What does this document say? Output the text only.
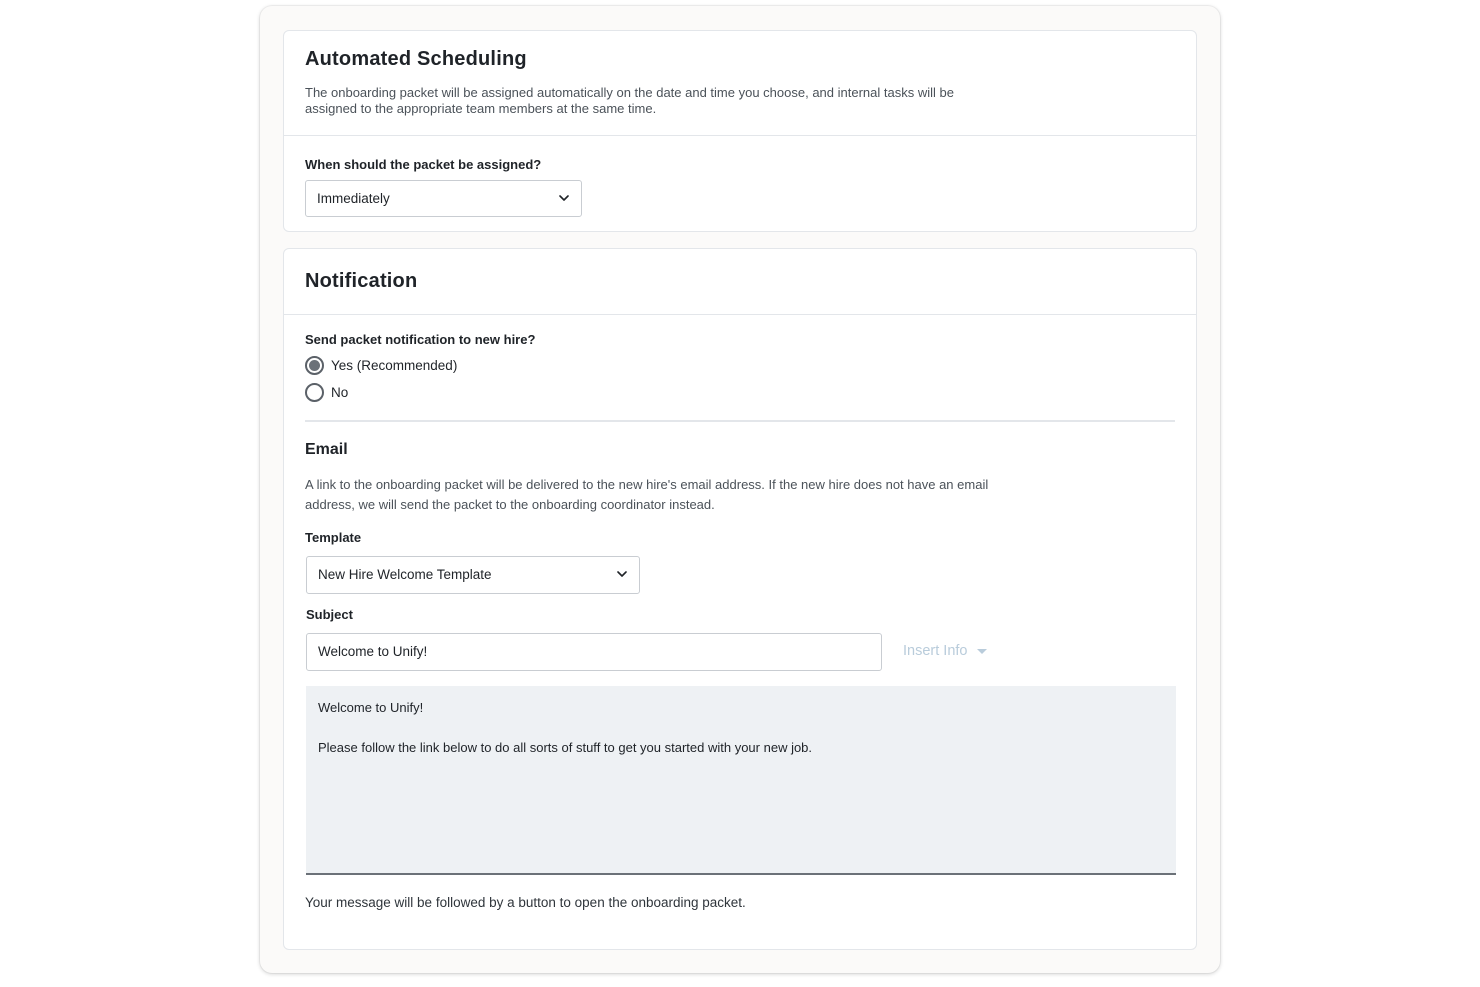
Automated Scheduling

The onboarding packet will be assigned automatically on the date and time you choose, and internal tasks will be assigned to the appropriate team members at the same time.

When should the packet be assigned?
Immediately
Notification
Send packet notification to new hire?
Yes (Recommended)
No
Email

A link to the onboarding packet will be delivered to the new hire's email address. If the new hire does not have an email address, we will send the packet to the onboarding coordinator instead.

Template
New Hire Welcome Template
Subject
Welcome to Unify!	Insert Info

Welcome to Unify!

Please follow the link below to do all sorts of stuff to get you started with your new job.

Your message will be followed by a button to open the onboarding packet.
